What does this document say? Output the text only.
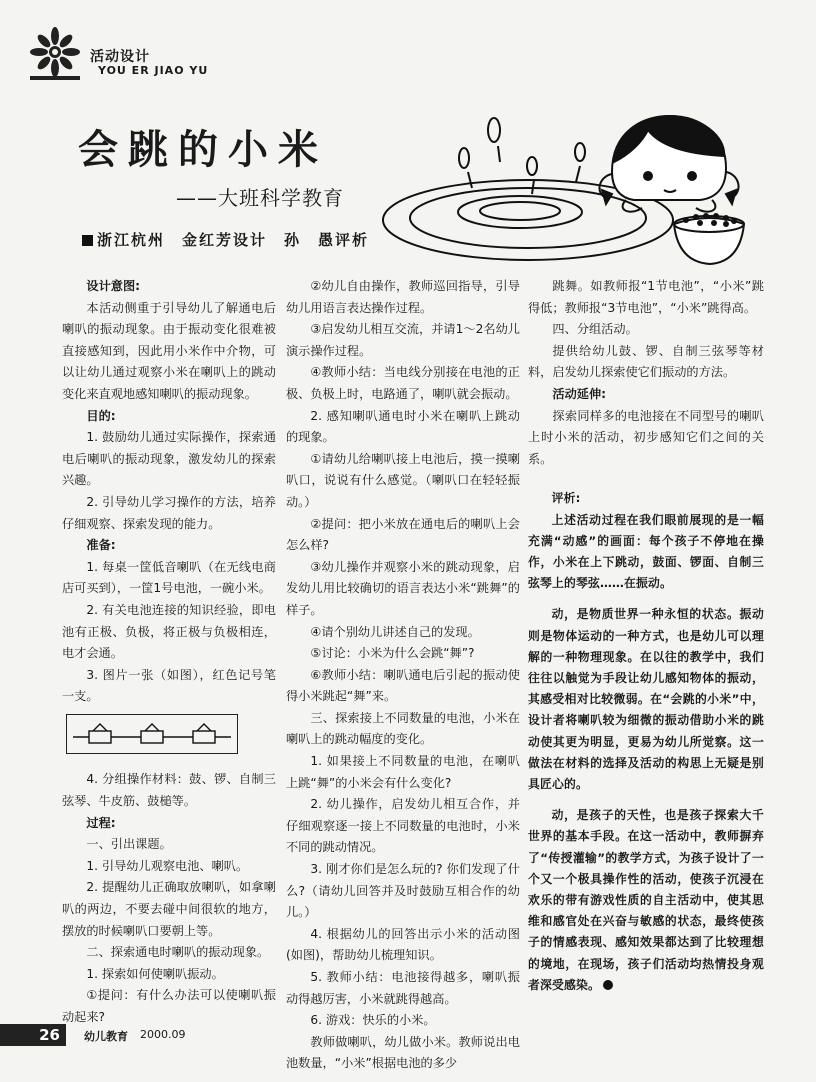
活动设计
YOU ER JIAO YU
会跳的小米
——大班科学教育
浙江杭州　金红芳设计　孙　愚评析

设计意图:

本活动侧重于引导幼儿了解通电后喇叭的振动现象。由于振动变化很难被直接感知到，因此用小米作中介物，可以让幼儿通过观察小米在喇叭上的跳动变化来直观地感知喇叭的振动现象。

目的:

1. 鼓励幼儿通过实际操作，探索通电后喇叭的振动现象，激发幼儿的探索兴趣。

2. 引导幼儿学习操作的方法，培养仔细观察、探索发现的能力。

准备:

1. 每桌一筐低音喇叭（在无线电商店可买到），一筐1号电池，一碗小米。

2. 有关电池连接的知识经验，即电池有正极、负极，将正极与负极相连，电才会通。

3. 图片一张（如图），红色记号笔一支。

4. 分组操作材料：鼓、锣、自制三弦琴、牛皮筋、鼓槌等。

过程:

一、引出课题。

1. 引导幼儿观察电池、喇叭。

2. 提醒幼儿正确取放喇叭，如拿喇叭的两边，不要去碰中间很软的地方，摆放的时候喇叭口要朝上等。

二、探索通电时喇叭的振动现象。

1. 探索如何使喇叭振动。

①提问：有什么办法可以使喇叭振动起来?

②幼儿自由操作，教师巡回指导，引导幼儿用语言表达操作过程。

③启发幼儿相互交流，并请1～2名幼儿演示操作过程。

④教师小结：当电线分别接在电池的正极、负极上时，电路通了，喇叭就会振动。

2. 感知喇叭通电时小米在喇叭上跳动的现象。

①请幼儿给喇叭接上电池后，摸一摸喇叭口，说说有什么感觉。（喇叭口在轻轻振动。）

②提问：把小米放在通电后的喇叭上会怎么样?

③幼儿操作并观察小米的跳动现象，启发幼儿用比较确切的语言表达小米“跳舞”的样子。

④请个别幼儿讲述自己的发现。

⑤讨论：小米为什么会跳“舞”?

⑥教师小结：喇叭通电后引起的振动使得小米跳起“舞”来。

三、探索接上不同数量的电池，小米在喇叭上的跳动幅度的变化。

1. 如果接上不同数量的电池，在喇叭上跳“舞”的小米会有什么变化?

2. 幼儿操作，启发幼儿相互合作，并仔细观察逐一接上不同数量的电池时，小米不同的跳动情况。

3. 刚才你们是怎么玩的? 你们发现了什么?（请幼儿回答并及时鼓励互相合作的幼儿。）

4. 根据幼儿的回答出示小米的活动图(如图)，帮助幼儿梳理知识。

5. 教师小结：电池接得越多，喇叭振动得越厉害，小米就跳得越高。

6. 游戏：快乐的小米。

教师做喇叭，幼儿做小米。教师说出电池数量，“小米”根据电池的多少

跳舞。如教师报“1节电池”，“小米”跳得低；教师报“3节电池”，“小米”跳得高。

四、分组活动。

提供给幼儿鼓、锣、自制三弦琴等材料，启发幼儿探索使它们振动的方法。

活动延伸:

探索同样多的电池接在不同型号的喇叭上时小米的活动，初步感知它们之间的关系。

评析:

上述活动过程在我们眼前展现的是一幅充满“动感”的画面：每个孩子不停地在操作，小米在上下跳动，鼓面、锣面、自制三弦琴上的琴弦……在振动。

动，是物质世界一种永恒的状态。振动则是物体运动的一种方式，也是幼儿可以理解的一种物理现象。在以往的教学中，我们往往以触觉为手段让幼儿感知物体的振动，其感受相对比较微弱。在“会跳的小米”中，设计者将喇叭较为细微的振动借助小米的跳动使其更为明显，更易为幼儿所觉察。这一做法在材料的选择及活动的构思上无疑是别具匠心的。

动，是孩子的天性，也是孩子探索大千世界的基本手段。在这一活动中，教师摒弃了“传授灌输”的教学方式，为孩子设计了一个又一个极具操作性的活动，使孩子沉浸在欢乐的带有游戏性质的自主活动中，使其思维和感官处在兴奋与敏感的状态，最终使孩子的情感表现、感知效果都达到了比较理想的境地，在现场，孩子们活动均热情投身观者深受感染。

26	幼儿教育 2000.09
